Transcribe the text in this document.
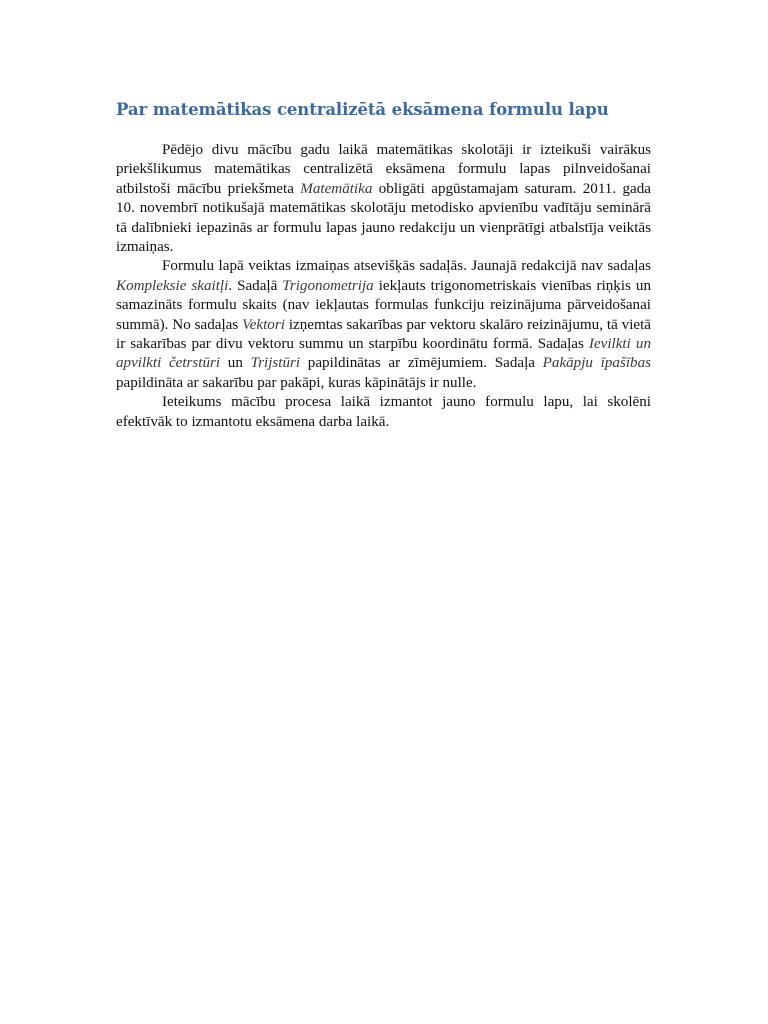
Par matemātikas centralizētā eksāmena formulu lapu

Pēdējo divu mācību gadu laikā matemātikas skolotāji ir izteikuši vairākus priekšlikumus matemātikas centralizētā eksāmena formulu lapas pilnveidošanai atbilstoši mācību priekšmeta Matemātika obligāti apgūstamajam saturam. 2011. gada 10. novembrī notikušajā matemātikas skolotāju metodisko apvienību vadītāju seminārā tā dalībnieki iepazinās ar formulu lapas jauno redakciju un vienprātīgi atbalstīja veiktās izmaiņas.

Formulu lapā veiktas izmaiņas atsevišķās sadaļās. Jaunajā redakcijā nav sadaļas Kompleksie skaitļi. Sadaļā Trigonometrija iekļauts trigonometriskais vienības riņķis un samazināts formulu skaits (nav iekļautas formulas funkciju reizinājuma pārveidošanai summā). No sadaļas Vektori izņemtas sakarības par vektoru skalāro reizinājumu, tā vietā ir sakarības par divu vektoru summu un starpību koordinātu formā. Sadaļas Ievilkti un apvilkti četrstūri un Trijstūri papildinātas ar zīmējumiem. Sadaļa Pakāpju īpašības papildināta ar sakarību par pakāpi, kuras kāpinātājs ir nulle.

Ieteikums mācību procesa laikā izmantot jauno formulu lapu, lai skolēni efektīvāk to izmantotu eksāmena darba laikā.
